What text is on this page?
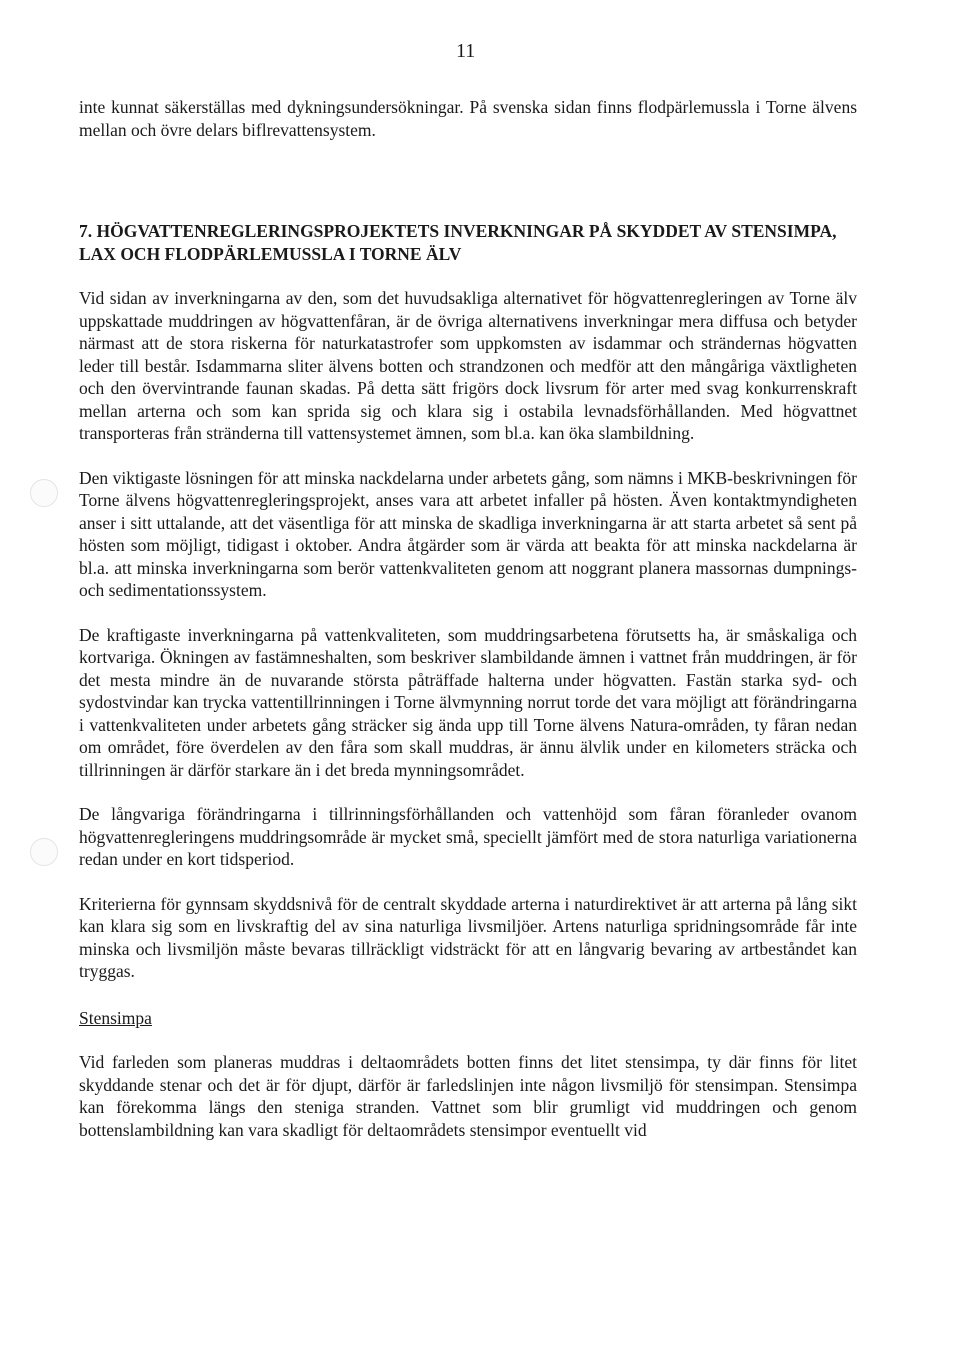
11

inte kunnat säkerställas med dykningsundersökningar. På svenska sidan finns flodpärlemussla i Torne älvens mellan och övre delars biflrevattensystem.

7. HÖGVATTENREGLERINGSPROJEKTETS INVERKNINGAR PÅ SKYDDET AV STENSIMPA, LAX OCH FLODPÄRLEMUSSLA I TORNE ÄLV

Vid sidan av inverkningarna av den, som det huvudsakliga alternativet för högvattenregleringen av Torne älv uppskattade muddringen av högvattenfåran, är de övriga alternativens inverkningar mera diffusa och betyder närmast att de stora riskerna för naturkatastrofer som uppkomsten av isdammar och strändernas högvatten leder till består. Isdammarna sliter älvens botten och strandzonen och medför att den mångåriga växtligheten och den övervintrande faunan skadas. På detta sätt frigörs dock livsrum för arter med svag konkurrenskraft mellan arterna och som kan sprida sig och klara sig i ostabila levnadsförhållanden. Med högvattnet transporteras från stränderna till vattensystemet ämnen, som bl.a. kan öka slambildning.

Den viktigaste lösningen för att minska nackdelarna under arbetets gång, som nämns i MKB-beskrivningen för Torne älvens högvattenregleringsprojekt, anses vara att arbetet infaller på hösten. Även kontaktmyndigheten anser i sitt uttalande, att det väsentliga för att minska de skadliga inverkningarna är att starta arbetet så sent på hösten som möjligt, tidigast i oktober. Andra åtgärder som är värda att beakta för att minska nackdelarna är bl.a. att minska inverkningarna som berör vattenkvaliteten genom att noggrant planera massornas dumpnings- och sedimentationssystem.

De kraftigaste inverkningarna på vattenkvaliteten, som muddringsarbetena förutsetts ha, är småskaliga och kortvariga. Ökningen av fastämneshalten, som beskriver slambildande ämnen i vattnet från muddringen, är för det mesta mindre än de nuvarande största påträffade halterna under högvatten. Fastän starka syd- och sydostvindar kan trycka vattentillrinningen i Torne älvmynning norrut torde det vara möjligt att förändringarna i vattenkvaliteten under arbetets gång sträcker sig ända upp till Torne älvens Natura-områden, ty fåran nedan om området, före överdelen av den fåra som skall muddras, är ännu älvlik under en kilometers sträcka och tillrinningen är därför starkare än i det breda mynningsområdet.

De långvariga förändringarna i tillrinningsförhållanden och vattenhöjd som fåran föranleder ovanom högvattenregleringens muddringsområde är mycket små, speciellt jämfört med de stora naturliga variationerna redan under en kort tidsperiod.

Kriterierna för gynnsam skyddsnivå för de centralt skyddade arterna i naturdirektivet är att arterna på lång sikt kan klara sig som en livskraftig del av sina naturliga livsmiljöer. Artens naturliga spridningsområde får inte minska och livsmiljön måste bevaras tillräckligt vidsträckt för att en långvarig bevaring av artbeståndet kan tryggas.

Stensimpa

Vid farleden som planeras muddras i deltaområdets botten finns det litet stensimpa, ty där finns för litet skyddande stenar och det är för djupt, därför är farledslinjen inte någon livsmiljö för stensimpan. Stensimpa kan förekomma längs den steniga stranden. Vattnet som blir grumligt vid muddringen och genom bottenslambildning kan vara skadligt för deltaområdets stensimpor eventuellt vid
